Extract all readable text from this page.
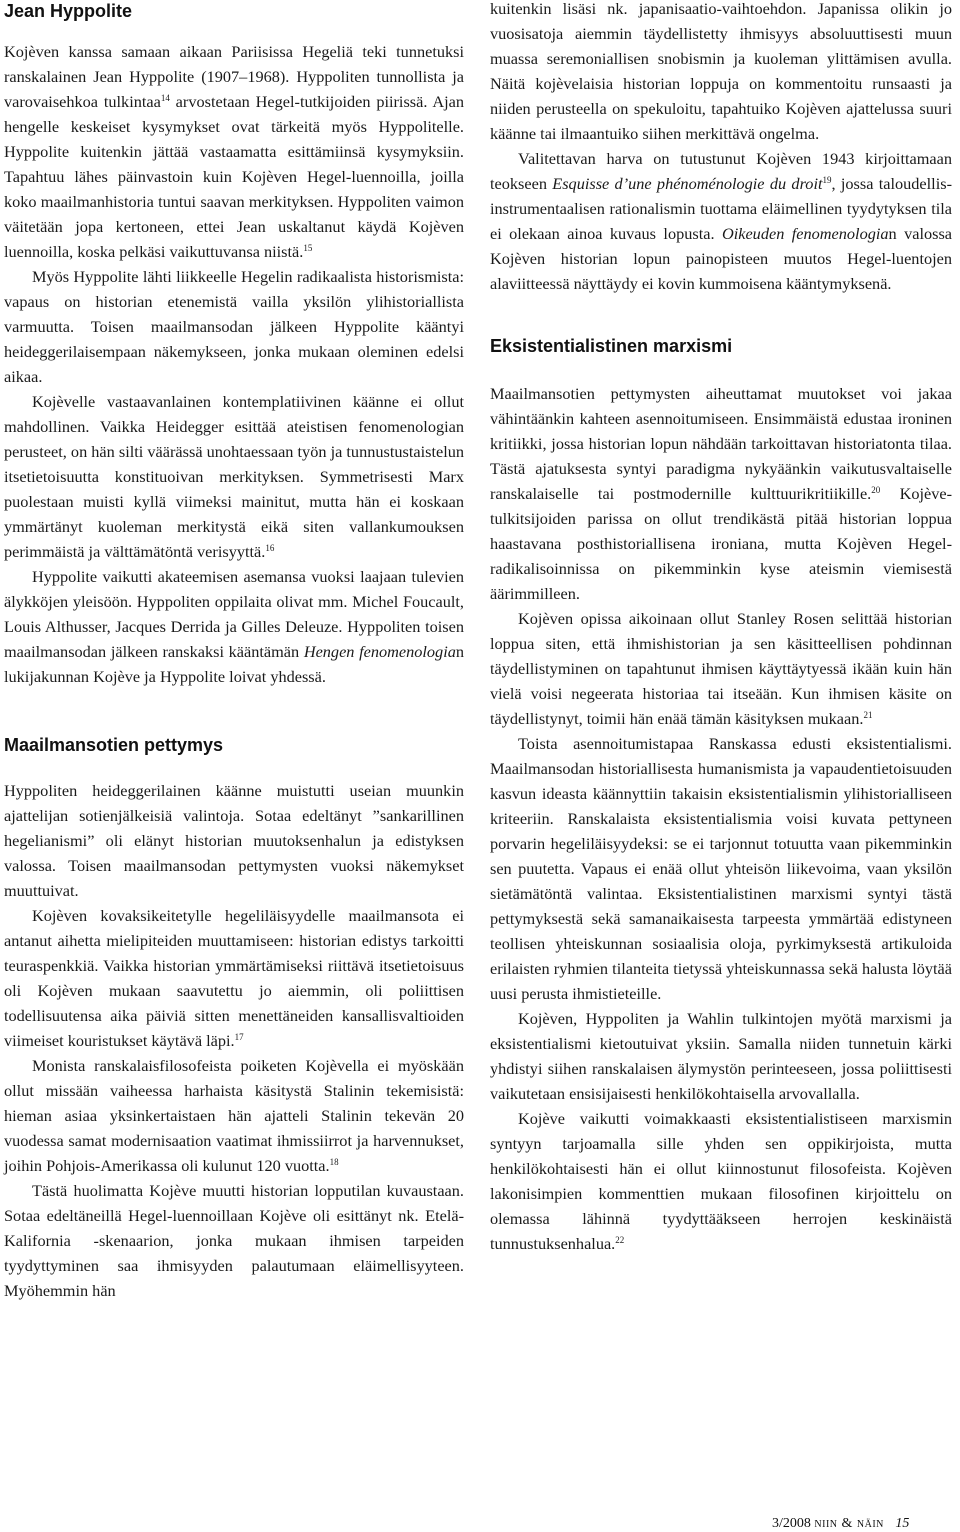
Jean Hyppolite

Kojèven kanssa samaan aikaan Pariisissa Hegeliä teki tunnetuksi ranskalainen Jean Hyppolite (1907–1968). Hyppoliten tunnollista ja varovaisehkoa tulkintaa$^{14}$ arvostetaan Hegel-tutkijoiden piirissä. Ajan hengelle keskeiset kysymykset ovat tärkeitä myös Hyppolitelle. Hyppolite kuitenkin jättää vastaamatta esittämiinsä kysymyksiin. Tapahtuu lähes päinvastoin kuin Kojèven Hegel-luennoilla, joilla koko maailmanhistoria tuntui saavan merkityksen. Hyppoliten vaimon väitetään jopa kertoneen, ettei Jean uskaltanut käydä Kojèven luennoilla, koska pelkäsi vaikuttuvansa niistä.$^{15}$

Myös Hyppolite lähti liikkeelle Hegelin radikaalista historismista: vapaus on historian etenemistä vailla yksilön ylihistoriallista varmuutta. Toisen maailmansodan jälkeen Hyppolite kääntyi heideggerilaisempaan näkemykseen, jonka mukaan oleminen edelsi aikaa.

Kojèvelle vastaavanlainen kontemplatiivinen käänne ei ollut mahdollinen. Vaikka Heidegger esittää ateistisen fenomenologian perusteet, on hän silti väärässä unohtaessaan työn ja tunnustustaistelun itsetietoisuutta konstituoivan merkityksen. Symmetrisesti Marx puolestaan muisti kyllä viimeksi mainitut, mutta hän ei koskaan ymmärtänyt kuoleman merkitystä eikä siten vallankumouksen perimmäistä ja välttämätöntä verisyyttä.$^{16}$

Hyppolite vaikutti akateemisen asemansa vuoksi laajaan tulevien älykköjen yleisöön. Hyppoliten oppilaita olivat mm. Michel Foucault, Louis Althusser, Jacques Derrida ja Gilles Deleuze. Hyppoliten toisen maailmansodan jälkeen ranskaksi kääntämän Hengen fenomenologian lukijakunnan Kojève ja Hyppolite loivat yhdessä.

Maailmansotien pettymys

Hyppoliten heideggerilainen käänne muistutti useian muunkin ajattelijan sotienjälkeisiä valintoja. Sotaa edeltänyt ”sankarillinen hegelianismi” oli elänyt historian muutoksenhalun ja edistyksen valossa. Toisen maailmansodan pettymysten vuoksi näkemykset muuttuivat.

Kojèven kovaksikeitetylle hegeliläisyydelle maailmansota ei antanut aihetta mielipiteiden muuttamiseen: historian edistys tarkoitti teuraspenkkiä. Vaikka historian ymmärtämiseksi riittävä itsetietoisuus oli Kojèven mukaan saavutettu jo aiemmin, oli poliittisen todellisuutensa aika päiviä sitten menettäneiden kansallisvaltioiden viimeiset kouristukset käytävä läpi.$^{17}$

Monista ranskalaisfilosofeista poiketen Kojèvella ei myöskään ollut missään vaiheessa harhaista käsitystä Stalinin tekemisistä: hieman asiaa yksinkertaistaen hän ajatteli Stalinin tekevän 20 vuodessa samat modernisaation vaatimat ihmissiirrot ja harvennukset, joihin Pohjois-Amerikassa oli kulunut 120 vuotta.$^{18}$

Tästä huolimatta Kojève muutti historian lopputilan kuvaustaan. Sotaa edeltäneillä Hegel-luennoillaan Kojève oli esittänyt nk. Etelä-Kalifornia -skenaarion, jonka mukaan ihmisen tarpeiden tyydyttyminen saa ihmisyyden palautumaan eläimellisyyteen. Myöhemmin hän

kuitenkin lisäsi nk. japanisaatio-vaihtoehdon. Japanissa olikin jo vuosisatoja aiemmin täydellistetty ihmisyys absoluuttisesti muun muassa seremoniallisen snobismin ja kuoleman ylittämisen avulla. Näitä kojèvelaisia historian loppuja on kommentoitu runsaasti ja niiden perusteella on spekuloitu, tapahtuiko Kojèven ajattelussa suuri käänne tai ilmaantuiko siihen merkittävä ongelma.

Valitettavan harva on tutustunut Kojèven 1943 kirjoittamaan teokseen Esquisse d’une phénoménologie du droit$^{19}$, jossa taloudellis-instrumentaalisen rationalismin tuottama eläimellinen tyydytyksen tila ei olekaan ainoa kuvaus lopusta. Oikeuden fenomenologian valossa Kojèven historian lopun painopisteen muutos Hegel-luentojen alaviitteessä näyttäydy ei kovin kummoisena kääntymyksenä.

Eksistentialistinen marxismi

Maailmansotien pettymysten aiheuttamat muutokset voi jakaa vähintäänkin kahteen asennoitumiseen. Ensimmäistä edustaa ironinen kritiikki, jossa historian lopun nähdään tarkoittavan historiatonta tilaa. Tästä ajatuksesta syntyi paradigma nykyäänkin vaikutusvaltaiselle ranskalaiselle tai postmodernille kulttuurikritiikille.$^{20}$ Kojève-tulkitsijoiden parissa on ollut trendikästä pitää historian loppua haastavana posthistoriallisena ironiana, mutta Kojèven Hegel-radikalisoinnissa on pikemminkin kyse ateismin viemisestä äärimmilleen.

Kojèven opissa aikoinaan ollut Stanley Rosen selittää historian loppua siten, että ihmishistorian ja sen käsitteellisen pohdinnan täydellistyminen on tapahtunut ihmisen käyttäytyessä ikään kuin hän vielä voisi negeerata historiaa tai itseään. Kun ihmisen käsite on täydellistynyt, toimii hän enää tämän käsityksen mukaan.$^{21}$

Toista asennoitumistapaa Ranskassa edusti eksistentialismi. Maailmansodan historiallisesta humanismista ja vapaudentietoisuuden kasvun ideasta käännyttiin takaisin eksistentialismin ylihistorialliseen kriteeriin. Ranskalaista eksistentialismia voisi kuvata pettyneen porvarin hegeliläisyydeksi: se ei tarjonnut totuutta vaan pikemminkin sen puutetta. Vapaus ei enää ollut yhteisön liikevoima, vaan yksilön sietämätöntä valintaa. Eksistentialistinen marxismi syntyi tästä pettymyksestä sekä samanaikaisesta tarpeesta ymmärtää edistyneen teollisen yhteiskunnan sosiaalisia oloja, pyrkimyksestä artikuloida erilaisten ryhmien tilanteita tietyssä yhteiskunnassa sekä halusta löytää uusi perusta ihmistieteille.

Kojèven, Hyppoliten ja Wahlin tulkintojen myötä marxismi ja eksistentialismi kietoutuivat yksiin. Samalla niiden tunnetuin kärki yhdistyi siihen ranskalaisen älymystön perinteeseen, jossa poliittisesti vaikutetaan ensisijaisesti henkilökohtaisella arvovallalla.

Kojève vaikutti voimakkaasti eksistentialistiseen marxismin syntyyn tarjoamalla sille yhden sen oppikirjoista, mutta henkilökohtaisesti hän ei ollut kiinnostunut filosofeista. Kojèven lakonisimpien kommenttien mukaan filosofinen kirjoittelu on olemassa lähinnä tyydyttääkseen herrojen keskinäistä tunnustuksenhalua.$^{22}$

3/2008 niin & näin 15
